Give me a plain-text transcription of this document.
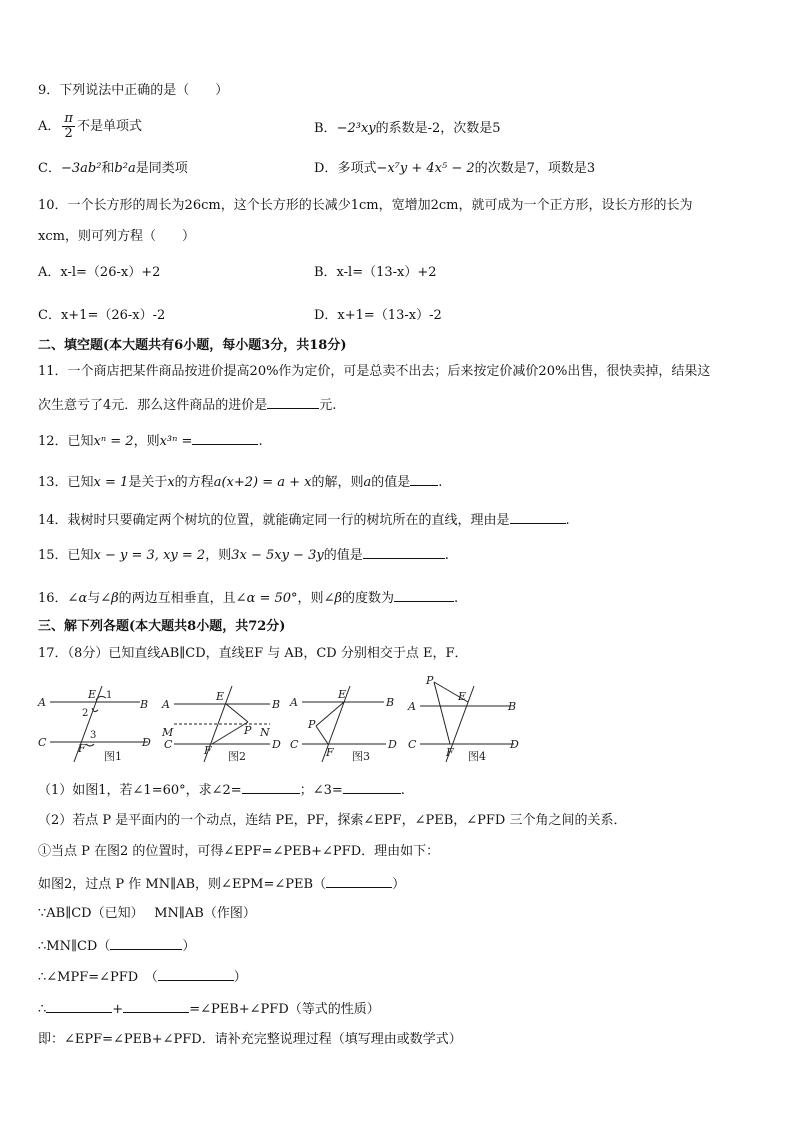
9．下列说法中正确的是（　　）
A． $\frac{\pi}{2}$ 不是单项式	B．−2³xy的系数是-2，次数是5
C．−3ab²和b²a是同类项	D．多项式−x⁷y + 4x⁵ − 2的次数是7，项数是3
10．一个长方形的周长为26cm，这个长方形的长减少1cm，宽增加2cm，就可成为一个正方形，设长方形的长为
xcm，则可列方程（　　）
A．x-l=（26-x）+2	B．x-l=（13-x）+2
C．x+1=（26-x）-2	D．x+1=（13-x）-2
二、填空题(本大题共有6小题，每小题3分，共18分)
11．一个商店把某件商品按进价提高20%作为定价，可是总卖不出去；后来按定价减价20%出售，很快卖掉，结果这
次生意亏了4元．那么这件商品的进价是	元.
12．已知xⁿ = 2，则x³ⁿ =	.
13．已知x = 1是关于x的方程a(x+2) = a + x的解，则a的值是 .
14．栽树时只要确定两个树坑的位置，就能确定同一行的树坑所在的直线，理由是	.
15．已知x − y = 3, xy = 2，则3x − 5xy − 3y的值是	.
16．∠α与∠β的两边互相垂直，且∠α = 50°，则∠β的度数为	.
三、解下列各题(本大题共8小题，共72分)
17．（8分）已知直线AB∥CD，直线EF 与 AB，CD 分别相交于点 E，F．
A	B
C	D
E
F
1
2
3
图1
A	B
M	N
C	D
E
F
P
图2
A	B
C	D
E
F
P
图3
A	B
C	D
E
F
P
图4
（1）如图1，若∠1=60°，求∠2=	；∠3=	.
（2）若点 P 是平面内的一个动点，连结 PE，PF，探索∠EPF，∠PEB，∠PFD 三个角之间的关系．
①当点 P 在图2 的位置时，可得∠EPF=∠PEB+∠PFD．理由如下：
如图2，过点 P 作 MN∥AB，则∠EPM=∠PEB（	）
∵AB∥CD（已知）　 MN∥AB（作图）
∴MN∥CD（	）
∴∠MPF=∠PFD　（	）
∴	+	=∠PEB+∠PFD（等式的性质）
即：∠EPF=∠PEB+∠PFD．请补充完整说理过程（填写理由或数学式）
